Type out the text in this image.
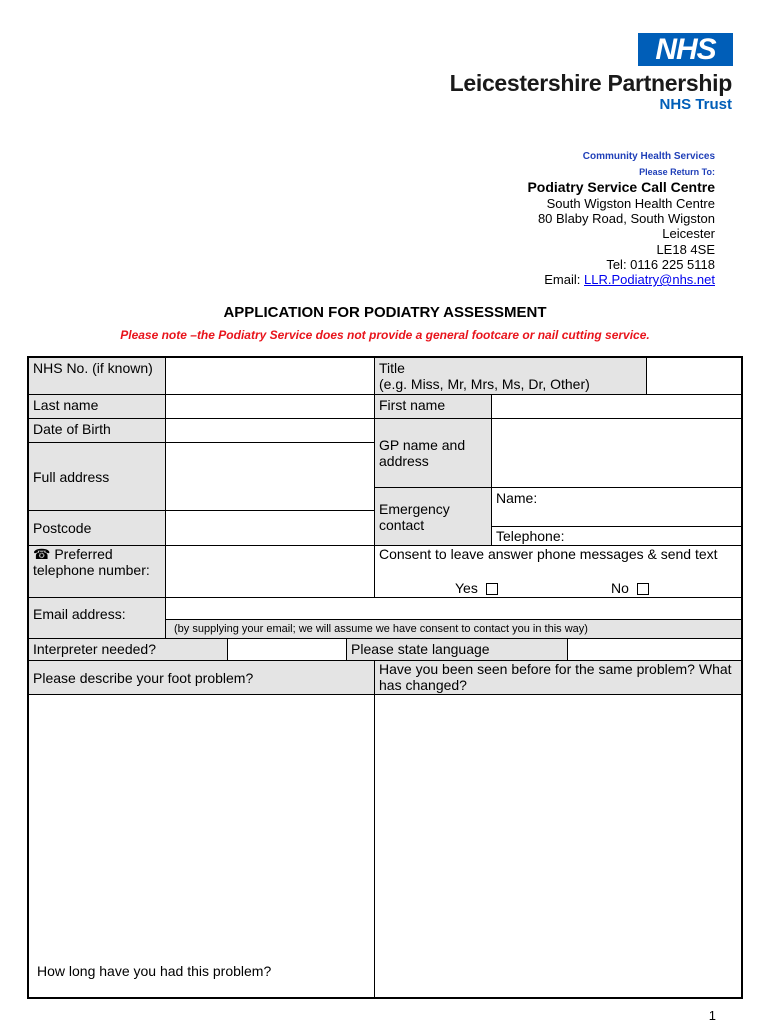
NHS
Leicestershire Partnership
NHS Trust
Community Health Services
Please Return To:
Podiatry Service Call Centre
South Wigston Health Centre
80 Blaby Road, South Wigston
Leicester
LE18 4SE
Tel: 0116 225 5118
Email: LLR.Podiatry@nhs.net
APPLICATION FOR PODIATRY ASSESSMENT
Please note –the Podiatry Service does not provide a general footcare or nail cutting service.
NHS No. (if known)	Title
(e.g. Miss, Mr, Mrs, Ms, Dr, Other)
Last name	First name
Date of Birth
GP name and address
Full address
Emergency contact
Name:
Telephone:
Postcode
☎ Preferred telephone number:
Consent to leave answer phone messages & send text
Yes	No
Email address:
(by supplying your email; we will assume we have consent to contact you in this way)
Interpreter needed?	Please state language
Please describe your foot problem?
Have you been seen before for the same problem? What has changed?
How long have you had this problem?
1
